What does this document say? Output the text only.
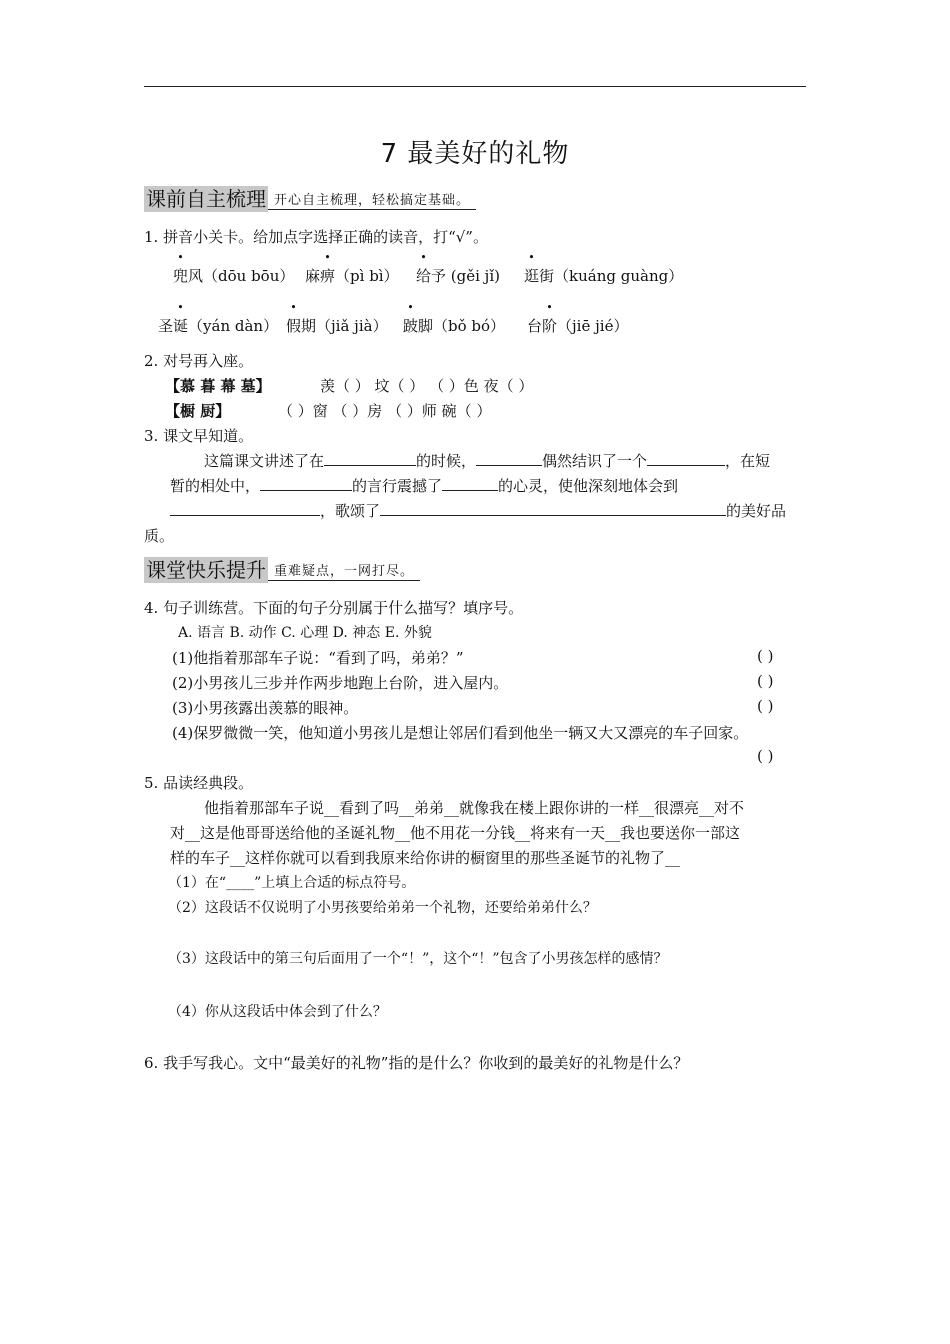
7 最美好的礼物
课前自主梳理 开心自主梳理，轻松搞定基础。
1. 拼音小关卡。给加点字选择正确的读音，打“√”。
兜风（dōu bōu） 麻痹（pì bì） 给予 (gěi jǐ) 逛街（kuáng guàng）
圣诞（yán dàn） 假期（jiǎ jià） 跛脚（bǒ bó） 台阶（jiē jié）
2. 对号再入座。
【慕 暮 幕 墓】	羡（ ） 坟（ ） （ ）色 夜（ ）
【橱 厨】	（ ）窗 （ ）房 （ ）师 碗（ ）
3. 课文早知道。
这篇课文讲述了在	的时候，	偶然结识了一个	，在短
暂的相处中，	的言行震撼了	的心灵，使他深刻地体会到
，歌颂了	的美好品
质。
课堂快乐提升 重难疑点，一网打尽。
4. 句子训练营。下面的句子分别属于什么描写？填序号。
A. 语言 B. 动作 C. 心理 D. 神态 E. 外貌
(1)他指着那部车子说：“看到了吗，弟弟？”	( )
(2)小男孩儿三步并作两步地跑上台阶，进入屋内。	( )
(3)小男孩露出羡慕的眼神。	( )
(4)保罗微微一笑，他知道小男孩儿是想让邻居们看到他坐一辆又大又漂亮的车子回家。
( )
5. 品读经典段。
他指着那部车子说__看到了吗__弟弟__就像我在楼上跟你讲的一样__很漂亮__对不
对__这是他哥哥送给他的圣诞礼物__他不用花一分钱__将来有一天__我也要送你一部这
样的车子__这样你就可以看到我原来给你讲的橱窗里的那些圣诞节的礼物了__
（1）在“____”上填上合适的标点符号。
（2）这段话不仅说明了小男孩要给弟弟一个礼物，还要给弟弟什么？
（3）这段话中的第三句后面用了一个“！”，这个“！”包含了小男孩怎样的感情？
（4）你从这段话中体会到了什么？
6. 我手写我心。文中“最美好的礼物”指的是什么？你收到的最美好的礼物是什么？
